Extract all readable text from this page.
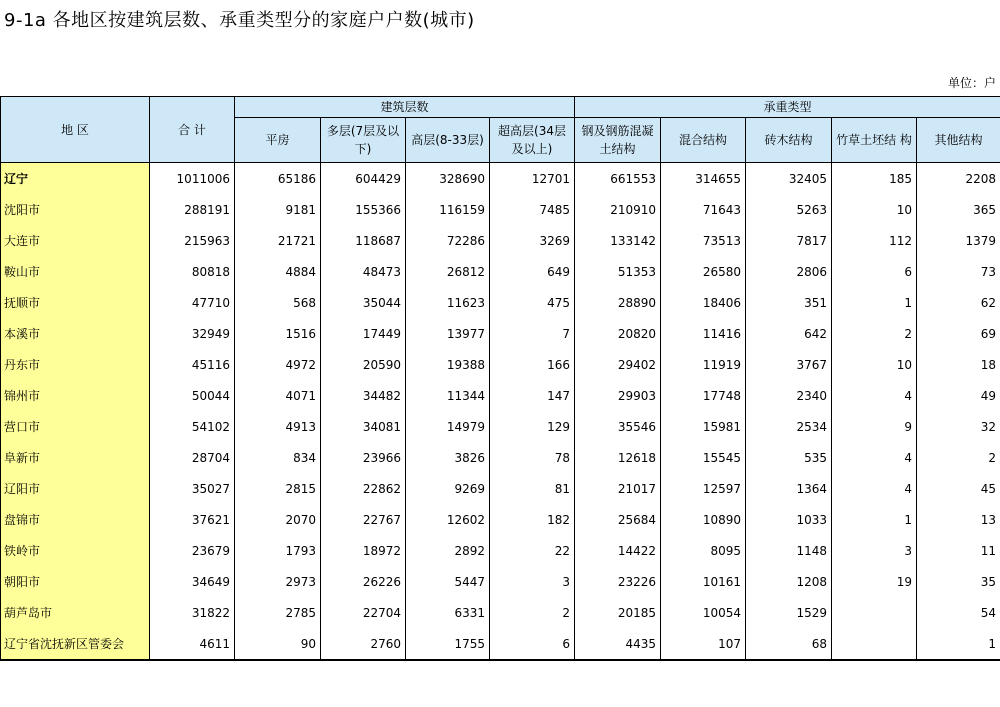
9-1a 各地区按建筑层数、承重类型分的家庭户户数(城市)
单位：户
地 区	合 计	建筑层数				承重类型				
		平房	多层(7层及以下)	高层(8-33层)	超高层(34层及以上)	钢及钢筋混凝土结构	混合结构	砖木结构	竹草土坯结 构	其他结构
辽宁	1011006	65186	604429	328690	12701	661553	314655	32405	185	2208
沈阳市	288191	9181	155366	116159	7485	210910	71643	5263	10	365
大连市	215963	21721	118687	72286	3269	133142	73513	7817	112	1379
鞍山市	80818	4884	48473	26812	649	51353	26580	2806	6	73
抚顺市	47710	568	35044	11623	475	28890	18406	351	1	62
本溪市	32949	1516	17449	13977	7	20820	11416	642	2	69
丹东市	45116	4972	20590	19388	166	29402	11919	3767	10	18
锦州市	50044	4071	34482	11344	147	29903	17748	2340	4	49
营口市	54102	4913	34081	14979	129	35546	15981	2534	9	32
阜新市	28704	834	23966	3826	78	12618	15545	535	4	2
辽阳市	35027	2815	22862	9269	81	21017	12597	1364	4	45
盘锦市	37621	2070	22767	12602	182	25684	10890	1033	1	13
铁岭市	23679	1793	18972	2892	22	14422	8095	1148	3	11
朝阳市	34649	2973	26226	5447	3	23226	10161	1208	19	35
葫芦岛市	31822	2785	22704	6331	2	20185	10054	1529		54
辽宁省沈抚新区管委会	4611	90	2760	1755	6	4435	107	68		1
